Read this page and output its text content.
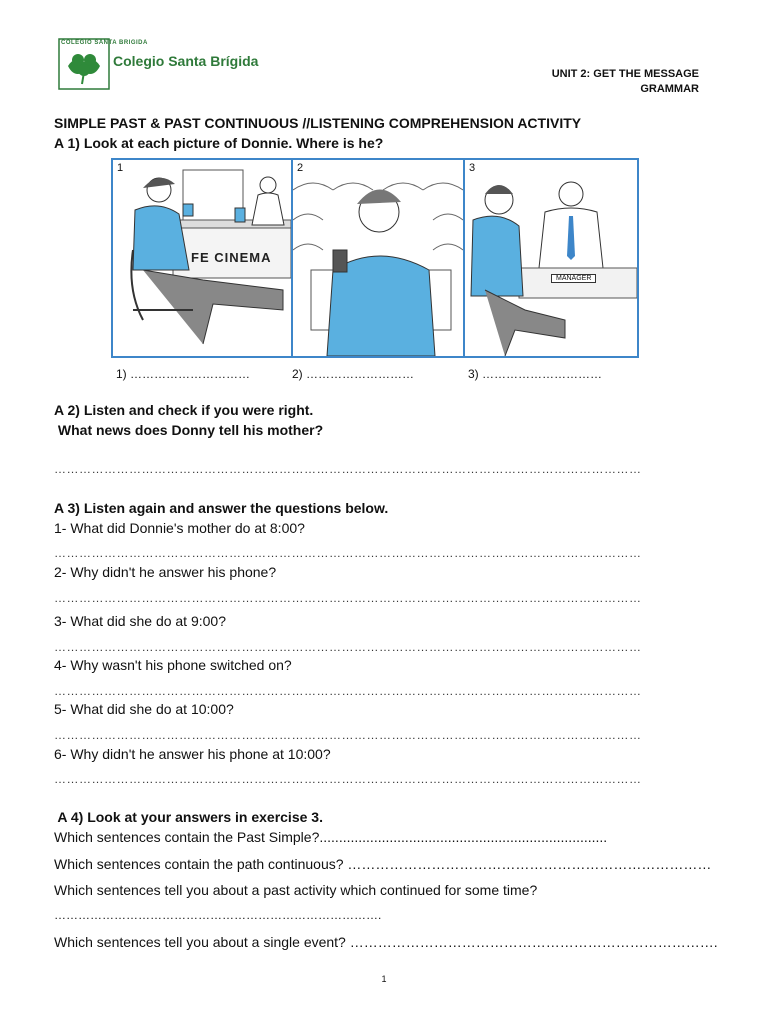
COLEGIO SANTA BRIGIDA
Colegio Santa Brígida
UNIT 2: GET THE MESSAGE
GRAMMAR
SIMPLE PAST & PAST CONTINUOUS //LISTENING COMPREHENSION ACTIVITY
A 1) Look at each picture of Donnie. Where is he?
1
FE CINEMA
2	3
MANAGER
1) …………………………	2) ………………………	3) …………………………
A 2) Listen and check if you were right.
What news does Donny tell his mother?
……………………………………………………………………………………………………………………………
A 3) Listen again and answer the questions below.
1- What did Donnie's mother do at 8:00?
……………………………………………………………………………………………………………………………
2- Why didn't he answer his phone?
……………………………………………………………………………………………………………………………
3- What did she do at 9:00?
……………………………………………………………………………………………………………………………
4- Why wasn't his phone switched on?
……………………………………………………………………………………………………………………………
5- What did she do at 10:00?
……………………………………………………………………………………………………………………………
6- Why didn't he answer his phone at 10:00?
……………………………………………………………………………………………………………………………
A 4) Look at your answers in exercise 3.
Which sentences contain the Past Simple?..........................................................................
Which sentences contain the path continuous? ……………………………………………………………………
Which sentences tell you about a past activity which continued for some time?
……………………………………………………………………….
Which sentences tell you about a single event? …………………………………………………………………….
1
